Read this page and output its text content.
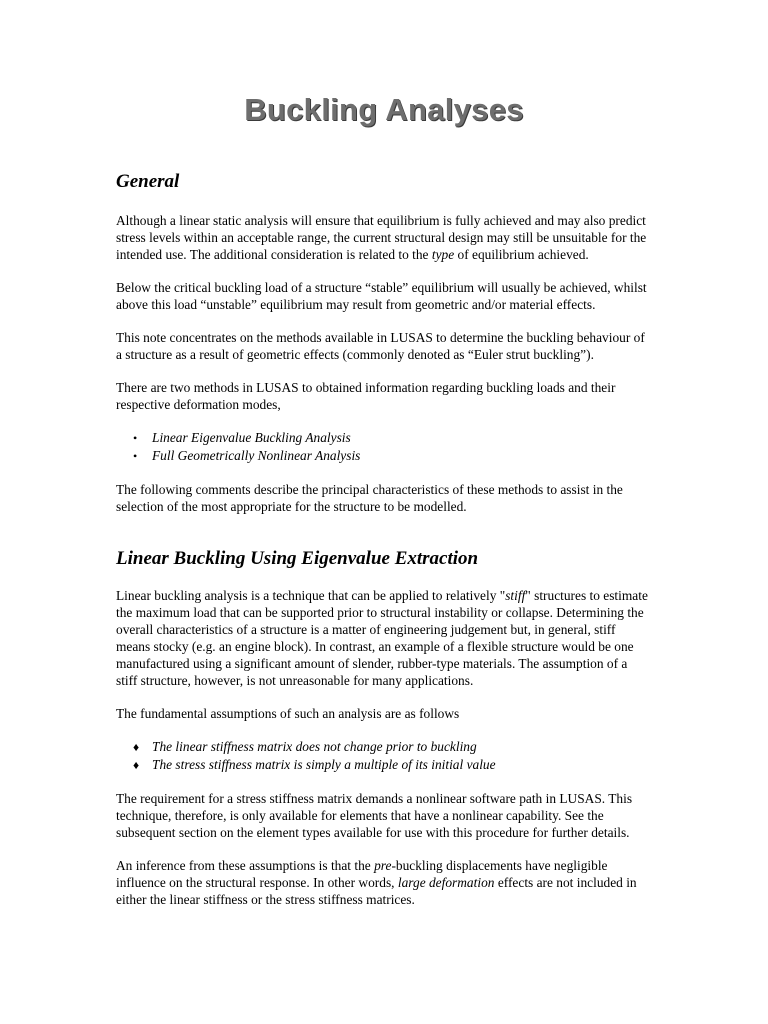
Buckling Analyses
General

Although a linear static analysis will ensure that equilibrium is fully achieved and may also predict stress levels within an acceptable range, the current structural design may still be unsuitable for the intended use. The additional consideration is related to the type of equilibrium achieved.

Below the critical buckling load of a structure “stable” equilibrium will usually be achieved, whilst above this load “unstable” equilibrium may result from geometric and/or material effects.

This note concentrates on the methods available in LUSAS to determine the buckling behaviour of a structure as a result of geometric effects (commonly denoted as “Euler strut buckling”).

There are two methods in LUSAS to obtained information regarding buckling loads and their respective deformation modes,

• Linear Eigenvalue Buckling Analysis
• Full Geometrically Nonlinear Analysis

The following comments describe the principal characteristics of these methods to assist in the selection of the most appropriate for the structure to be modelled.

Linear Buckling Using Eigenvalue Extraction

Linear buckling analysis is a technique that can be applied to relatively "stiff" structures to estimate the maximum load that can be supported prior to structural instability or collapse. Determining the overall characteristics of a structure is a matter of engineering judgement but, in general, stiff means stocky (e.g. an engine block). In contrast, an example of a flexible structure would be one manufactured using a significant amount of slender, rubber-type materials. The assumption of a stiff structure, however, is not unreasonable for many applications.

The fundamental assumptions of such an analysis are as follows

♦ The linear stiffness matrix does not change prior to buckling
♦ The stress stiffness matrix is simply a multiple of its initial value

The requirement for a stress stiffness matrix demands a nonlinear software path in LUSAS. This technique, therefore, is only available for elements that have a nonlinear capability. See the subsequent section on the element types available for use with this procedure for further details.

An inference from these assumptions is that the pre-buckling displacements have negligible influence on the structural response. In other words, large deformation effects are not included in either the linear stiffness or the stress stiffness matrices.
